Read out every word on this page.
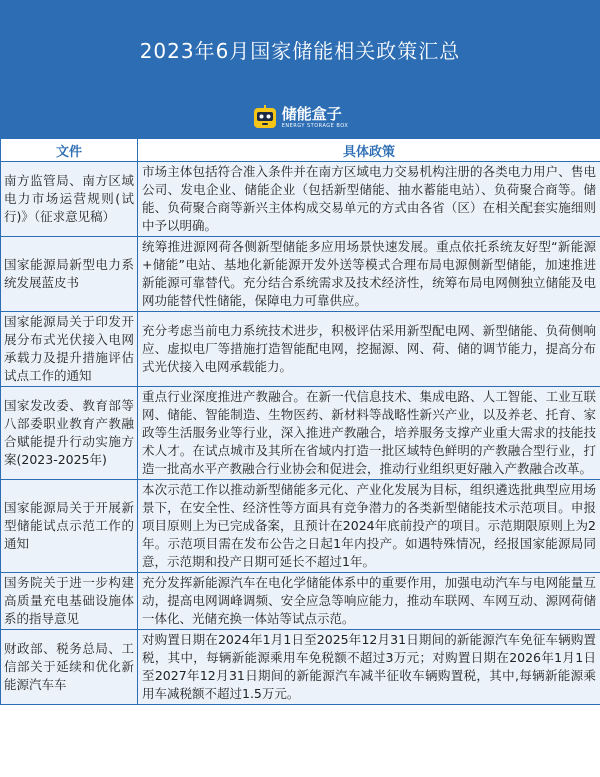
2023年6月国家储能相关政策汇总
储能盒子
ENERGY STORAGE BOX
文件	具体政策
南方监管局、南方区域电力市场运营规则(试行)》（征求意见稿）	市场主体包括符合准入条件并在南方区域电力交易机构注册的各类电力用户、售电公司、发电企业、储能企业（包括新型储能、抽水蓄能电站）、负荷聚合商等。储能、负荷聚合商等新兴主体构成交易单元的方式由各省（区）在相关配套实施细则中予以明确。
国家能源局新型电力系统发展蓝皮书	统筹推进源网荷各侧新型储能多应用场景快速发展。重点依托系统友好型“新能源+储能”电站、基地化新能源开发外送等模式合理布局电源侧新型储能，加速推进新能源可靠替代。充分结合系统需求及技术经济性，统筹布局电网侧独立储能及电网功能替代性储能，保障电力可靠供应。
国家能源局关于印发开展分布式光伏接入电网承载力及提升措施评估试点工作的通知	充分考虑当前电力系统技术进步，积极评估采用新型配电网、新型储能、负荷侧响应、虚拟电厂等措施打造智能配电网，挖掘源、网、荷、储的调节能力，提高分布式光伏接入电网承载能力。
国家发改委、教育部等八部委职业教育产教融合赋能提升行动实施方案(2023-2025年)	重点行业深度推进产教融合。在新一代信息技术、集成电路、人工智能、工业互联网、储能、智能制造、生物医药、新材料等战略性新兴产业，以及养老、托育、家政等生活服务业等行业，深入推进产教融合，培养服务支撑产业重大需求的技能技术人才。在试点城市及其所在省域内打造一批区域特色鲜明的产教融合型行业，打造一批高水平产教融合行业协会和促进会，推动行业组织更好融入产教融合改革。
国家能源局关于开展新型储能试点示范工作的通知	本次示范工作以推动新型储能多元化、产业化发展为目标，组织遴选批典型应用场景下，在安全性、经济性等方面具有竞争潜力的各类新型储能技术示范项目。申报项目原则上为已完成备案，且预计在2024年底前投产的项目。示范期限原则上为2年。示范项目需在发布公告之日起1年内投产。如遇特殊情况，经报国家能源局同意，示范期和投产日期可延长不超过1年。
国务院关于进一步构建高质量充电基础设施体系的指导意见	充分发挥新能源汽车在电化学储能体系中的重要作用，加强电动汽车与电网能量互动，提高电网调峰调频、安全应急等响应能力，推动车联网、车网互动、源网荷储一体化、光储充换一体站等试点示范。
财政部、税务总局、工信部关于延续和优化新能源汽车车	对购置日期在2024年1月1日至2025年12月31日期间的新能源汽车免征车辆购置税，其中，每辆新能源乘用车免税额不超过3万元；对购置日期在2026年1月1日至2027年12月31日期间的新能源汽车减半征收车辆购置税，其中,每辆新能源乘用车减税额不超过1.5万元。
